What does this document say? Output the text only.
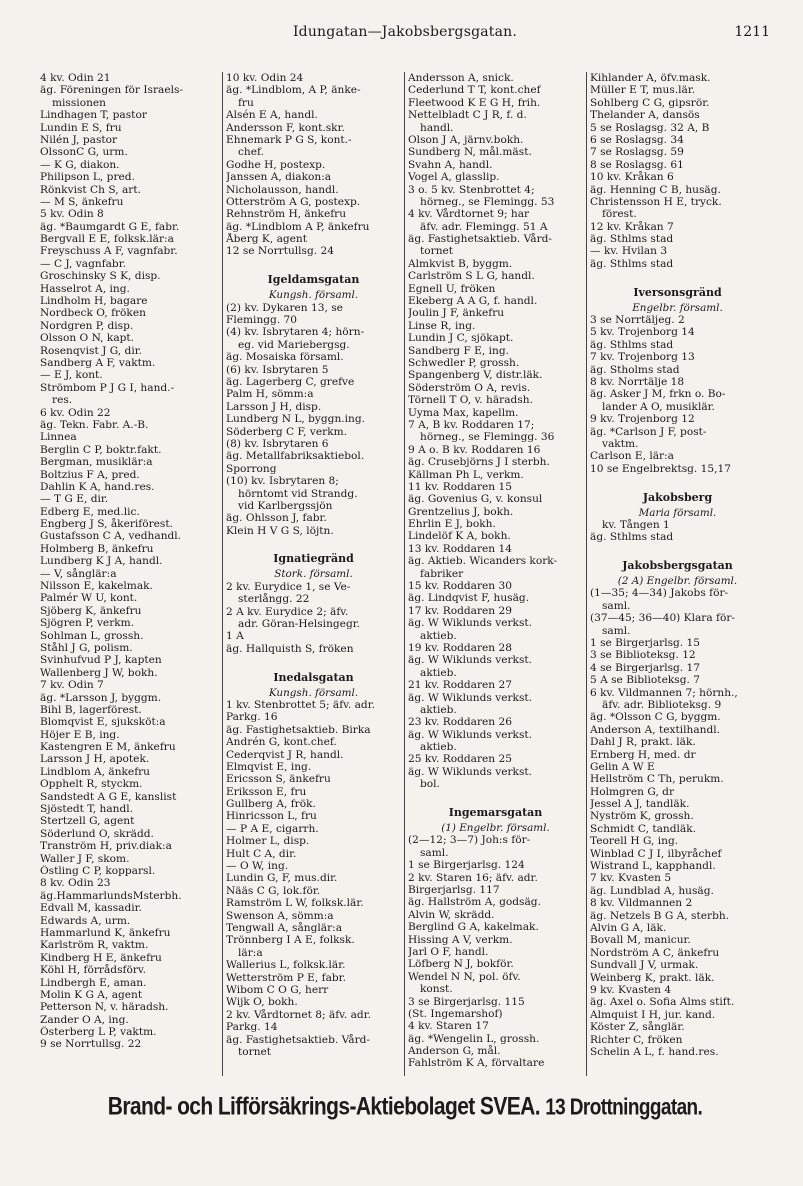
Idungatan—Jakobsbergsgatan.	1211
4 kv. Odin 21
äg. Föreningen för Israels-
missionen
Lindhagen T, pastor
Lundin E S, fru
Nilén J, pastor
OlssonC G, urm.
— K G, diakon.
Philipson L, pred.
Rönkvist Ch S, art.
— M S, änkefru
5 kv. Odin 8
äg. *Baumgardt G E, fabr.
Bergvall E E, folksk.lär:a
Freyschuss A F, vagnfabr.
— C J, vagnfabr.
Groschinsky S K, disp.
Hasselrot A, ing.
Lindholm H, bagare
Nordbeck O, fröken
Nordgren P, disp.
Olsson O N, kapt.
Rosenqvist J G, dir.
Sandberg A F, vaktm.
— E J, kont.
Strömbom P J G I, hand.-
res.
6 kv. Odin 22
äg. Tekn. Fabr. A.-B.
Linnea
Berglin C P, boktr.fakt.
Bergman, musiklär:a
Boltzius F A, pred.
Dahlin K A, hand.res.
— T G E, dir.
Edberg E, med.lic.
Engberg J S, åkeriförest.
Gustafsson C A, vedhandl.
Holmberg B, änkefru
Lundberg K J A, handl.
— V, sånglär:a
Nilsson E, kakelmak.
Palmér W U, kont.
Sjöberg K, änkefru
Sjögren P, verkm.
Sohlman L, grossh.
Ståhl J G, polism.
Svinhufvud P J, kapten
Wallenberg J W, bokh.
7 kv. Odin 7
äg. *Larsson J, byggm.
Bihl B, lagerförest.
Blomqvist E, sjuksköt:a
Höjer E B, ing.
Kastengren E M, änkefru
Larsson J H, apotek.
Lindblom A, änkefru
Opphelt R, styckm.
Sandstedt A G E, kanslist
Sjöstedt T, handl.
Stertzell G, agent
Söderlund O, skrädd.
Tranström H, priv.diak:a
Waller J F, skom.
Östling C P, kopparsl.
8 kv. Odin 23
äg.HammarlundsMsterbh.
Edvall M, kassadir.
Edwards A, urm.
Hammarlund K, änkefru
Karlström R, vaktm.
Kindberg H E, änkefru
Köhl H, förrådsförv.
Lindbergh E, aman.
Molin K G A, agent
Petterson N, v. häradsh.
Zander O A, ing.
Österberg L P, vaktm.
9 se Norrtullsg. 22
10 kv. Odin 24
äg. *Lindblom, A P, änke-
fru
Alsén E A, handl.
Andersson F, kont.skr.
Ehnemark P G S, kont.-
chef.
Godhe H, postexp.
Janssen A, diakon:a
Nicholausson, handl.
Otterström A G, postexp.
Rehnström H, änkefru
äg. *Lindblom A P, änkefru
Åberg K, agent
12 se Norrtullsg. 24
Igeldamsgatan
Kungsh. församl.
(2) kv. Dykaren 13, se
Flemingg. 70
(4) kv. Isbrytaren 4; hörn-
eg. vid Mariebergsg.
äg. Mosaiska församl.
(6) kv. Isbrytaren 5
äg. Lagerberg C, grefve
Palm H, sömm:a
Larsson J H, disp.
Lundberg N L, byggn.ing.
Söderberg C F, verkm.
(8) kv. Isbrytaren 6
äg. Metallfabriksaktiebol.
Sporrong
(10) kv. Isbrytaren 8;
hörntomt vid Strandg.
vid Karlbergssjön
äg. Ohlsson J, fabr.
Klein H V G S, löjtn.
Ignatiegränd
Stork. församl.
2 kv. Eurydice 1, se Ve-
sterlångg. 22
2 A kv. Eurydice 2; äfv.
adr. Göran-Helsingegr.
1 A
äg. Hallquisth S, fröken
Inedalsgatan
Kungsh. församl.
1 kv. Stenbrottet 5; äfv. adr.
Parkg. 16
äg. Fastighetsaktieb. Birka
Andrén G, kont.chef.
Cederqvist J R, handl.
Elmqvist E, ing.
Ericsson S, änkefru
Eriksson E, fru
Gullberg A, frök.
Hinricsson L, fru
— P A E, cigarrh.
Holmer L, disp.
Hult C A, dir.
— O W, ing.
Lundin G, F, mus.dir.
Nääs C G, lok.för.
Ramström L W, folksk.lär.
Swenson A, sömm:a
Tengwall A, sånglär:a
Trönnberg I A E, folksk.
lär:a
Wallerius L, folksk.lär.
Wetterström P E, fabr.
Wibom C O G, herr
Wijk O, bokh.
2 kv. Vårdtornet 8; äfv. adr.
Parkg. 14
äg. Fastighetsaktieb. Vård-
tornet
Andersson A, snick.
Cederlund T T, kont.chef
Fleetwood K E G H, frih.
Nettelbladt C J R, f. d.
handl.
Olson J A, järnv.bokh.
Sundberg N, mål.mäst.
Svahn A, handl.
Vogel A, glasslip.
3 o. 5 kv. Stenbrottet 4;
hörneg., se Flemingg. 53
4 kv. Vårdtornet 9; har
äfv. adr. Flemingg. 51 A
äg. Fastighetsaktieb. Vård-
tornet
Almkvist B, byggm.
Carlström S L G, handl.
Egnell U, fröken
Ekeberg A A G, f. handl.
Joulin J F, änkefru
Linse R, ing.
Lundin J C, sjökapt.
Sandberg F E, ing.
Schwedler P, grossh.
Spangenberg V, distr.läk.
Söderström O A, revis.
Törnell T O, v. häradsh.
Uyma Max, kapellm.
7 A, B kv. Roddaren 17;
hörneg., se Flemingg. 36
9 A o. B kv. Roddaren 16
äg. Crusebjörns J I sterbh.
Källman Ph L, verkm.
11 kv. Roddaren 15
äg. Govenius G, v. konsul
Grentzelius J, bokh.
Ehrlin E J, bokh.
Lindelöf K A, bokh.
13 kv. Roddaren 14
äg. Aktieb. Wicanders kork-
fabriker
15 kv. Roddaren 30
äg. Lindqvist F, husäg.
17 kv. Roddaren 29
äg. W Wiklunds verkst.
aktieb.
19 kv. Roddaren 28
äg. W Wiklunds verkst.
aktieb.
21 kv. Roddaren 27
äg. W Wiklunds verkst.
aktieb.
23 kv. Roddaren 26
äg. W Wiklunds verkst.
aktieb.
25 kv. Roddaren 25
äg. W Wiklunds verkst.
bol.
Ingemarsgatan
(1) Engelbr. församl.
(2—12; 3—7) Joh:s för-
saml.
1 se Birgerjarlsg. 124
2 kv. Staren 16; äfv. adr.
Birgerjarlsg. 117
äg. Hallström A, godsäg.
Alvin W, skrädd.
Berglind G A, kakelmak.
Hissing A V, verkm.
Jarl O F, handl.
Löfberg N J, bokför.
Wendel N N, pol. öfv.
konst.
3 se Birgerjarlsg. 115
(St. Ingemarshof)
4 kv. Staren 17
äg. *Wengelin L, grossh.
Anderson G, mål.
Fahlström K A, förvaltare
Kihlander A, öfv.mask.
Müller E T, mus.lär.
Sohlberg C G, gipsrör.
Thelander A, dansös
5 se Roslagsg. 32 A, B
6 se Roslagsg. 34
7 se Roslagsg. 59
8 se Roslagsg. 61
10 kv. Kråkan 6
äg. Henning C B, husäg.
Christensson H E, tryck.
förest.
12 kv. Kråkan 7
äg. Sthlms stad
— kv. Hvilan 3
äg. Sthlms stad
Iversonsgränd
Engelbr. församl.
3 se Norrtäljeg. 2
5 kv. Trojenborg 14
äg. Sthlms stad
7 kv. Trojenborg 13
äg. Stholms stad
8 kv. Norrtälje 18
äg. Asker J M, frkn o. Bo-
lander A O, musiklär.
9 kv. Trojenborg 12
äg. *Carlson J F, post-
vaktm.
Carlson E, lär:a
10 se Engelbrektsg. 15,17
Jakobsberg
Maria församl.
kv. Tången 1
äg. Sthlms stad
Jakobsbergsgatan
(2 A) Engelbr. församl.
(1—35; 4—34) Jakobs för-
saml.
(37—45; 36—40) Klara för-
saml.
1 se Birgerjarlsg. 15
3 se Biblioteksg. 12
4 se Birgerjarlsg. 17
5 A se Biblioteksg. 7
6 kv. Vildmannen 7; hörnh.,
äfv. adr. Biblioteksg. 9
äg. *Olsson C G, byggm.
Anderson A, textilhandl.
Dahl J R, prakt. läk.
Ernberg H, med. dr
Gelin A W E
Hellström C Th, perukm.
Holmgren G, dr
Jessel A J, tandläk.
Nyström K, grossh.
Schmidt C, tandläk.
Teorell H G, ing.
Winblad C J I, ilbyråchef
Wistrand L, kapphandl.
7 kv. Kvasten 5
äg. Lundblad A, husäg.
8 kv. Vildmannen 2
äg. Netzels B G A, sterbh.
Alvin G A, läk.
Bovall M, manicur.
Nordström A C, änkefru
Sundvall J V, urmak.
Weinberg K, prakt. läk.
9 kv. Kvasten 4
äg. Axel o. Sofia Alms stift.
Almquist I H, jur. kand.
Köster Z, sånglär.
Richter C, fröken
Schelin A L, f. hand.res.
Brand- och Lifförsäkrings-Aktiebolaget SVEA. 13 Drottninggatan.
